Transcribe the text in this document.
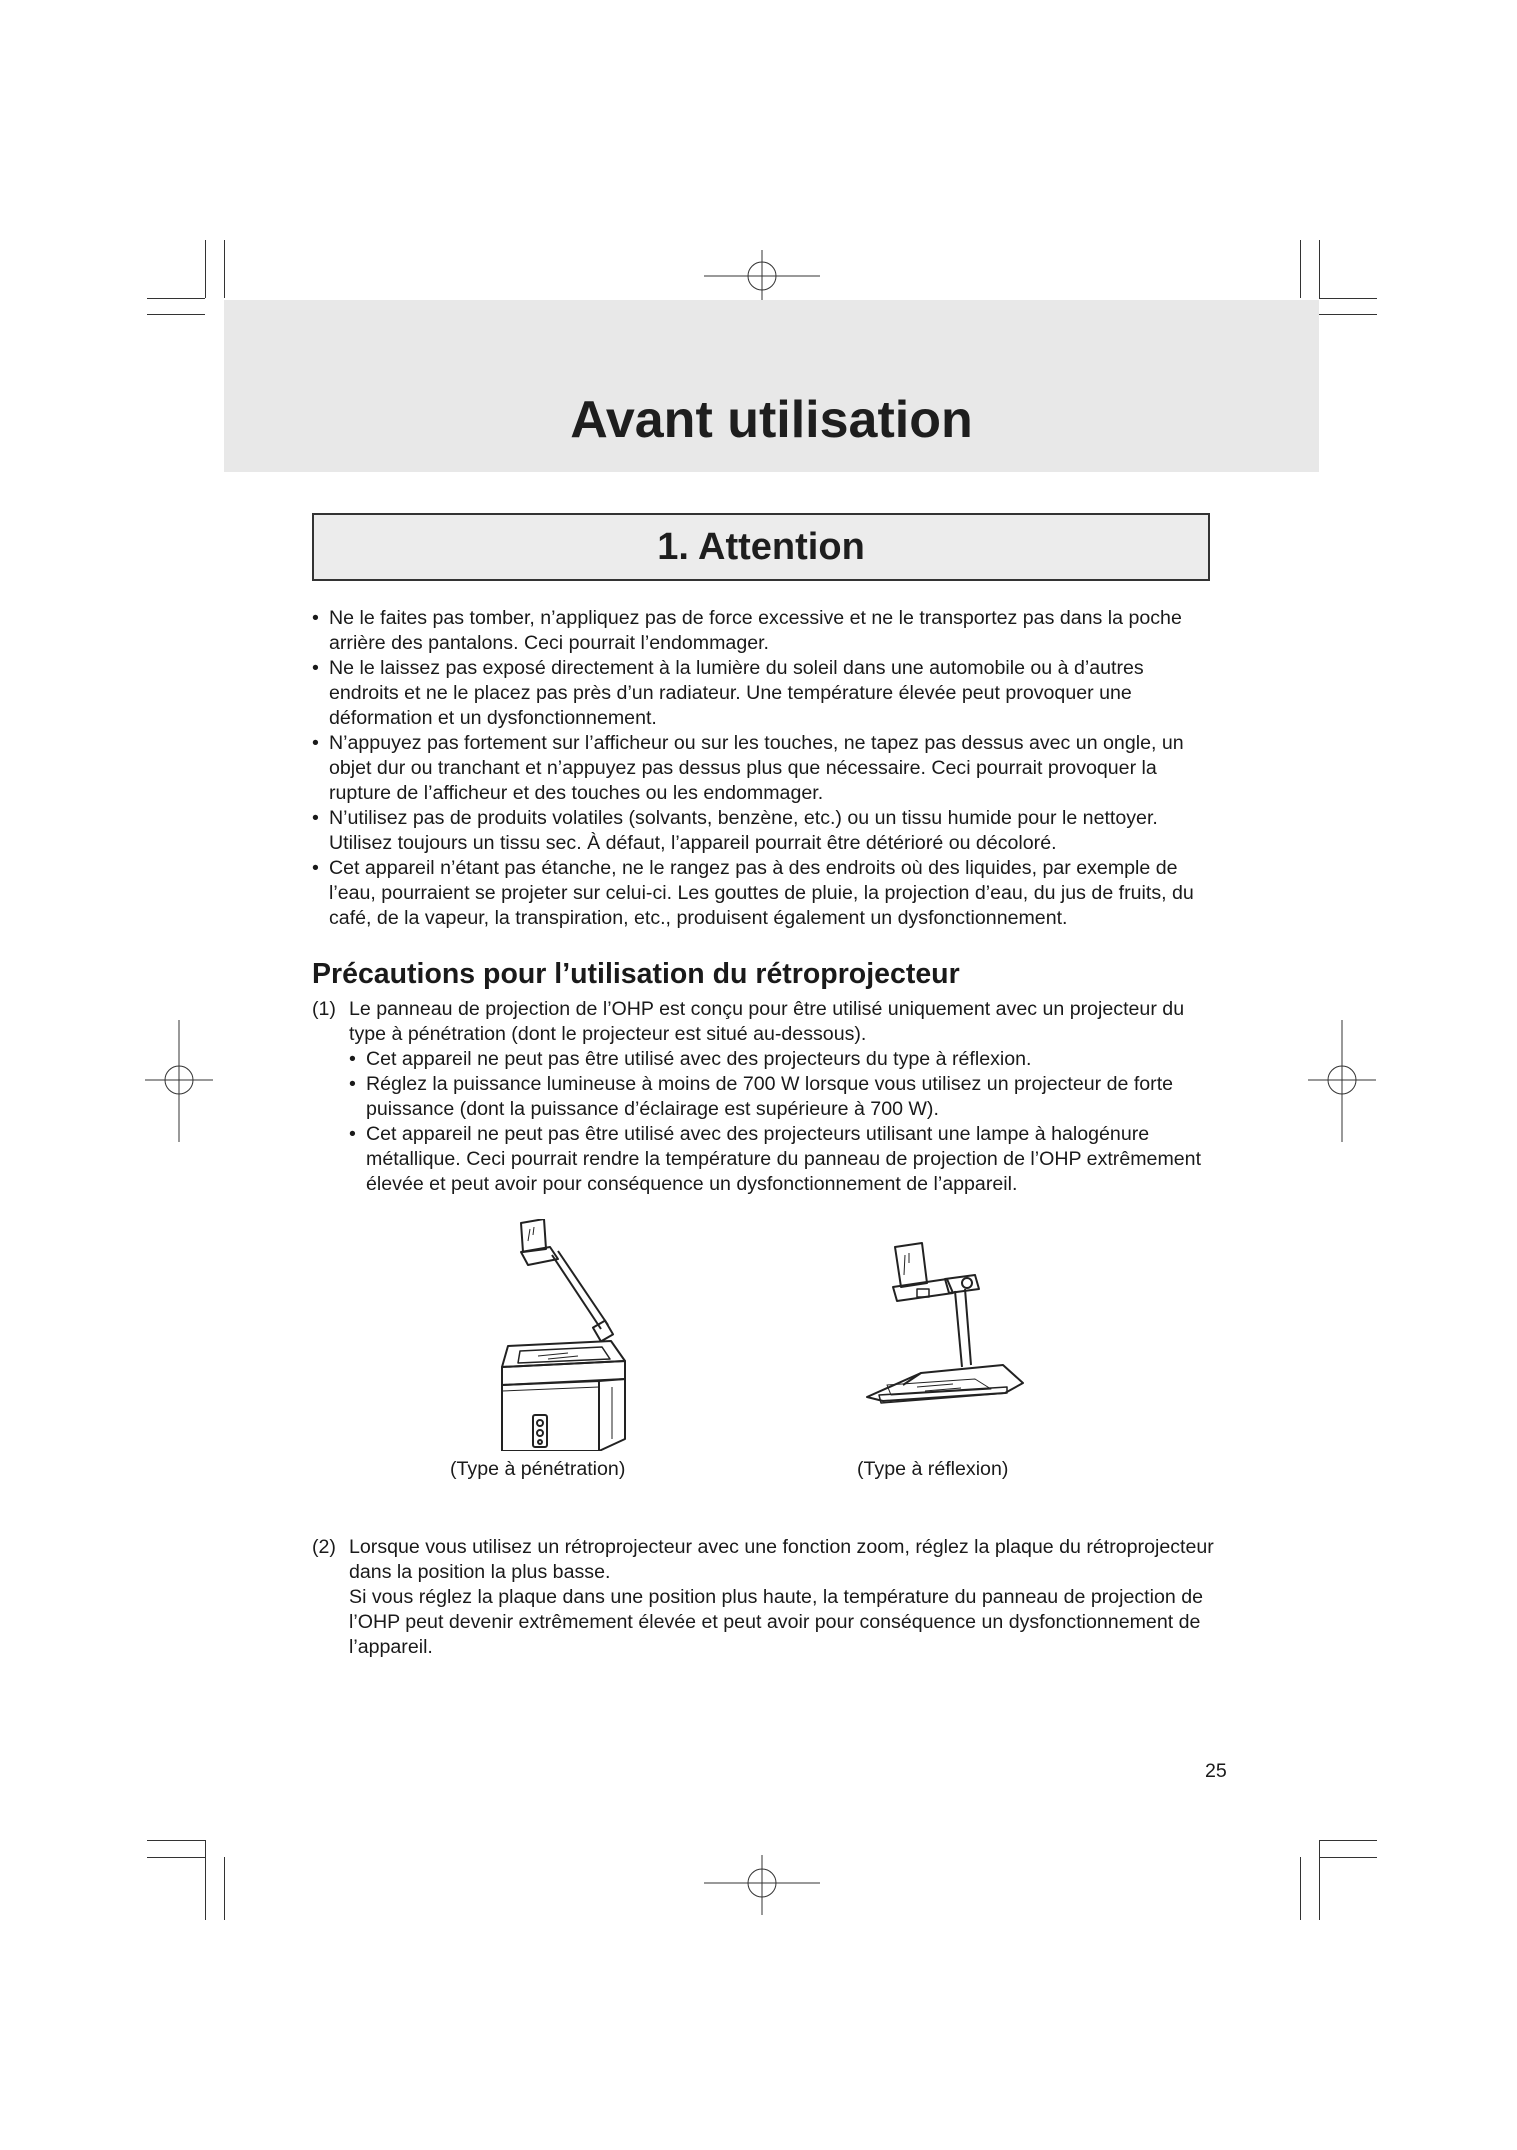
Avant utilisation
1. Attention
• Ne le faites pas tomber, n’appliquez pas de force excessive et ne le transportez pas dans la poche arrière des pantalons. Ceci pourrait l’endommager.
• Ne le laissez pas exposé directement à la lumière du soleil dans une automobile ou à d’autres endroits et ne le placez pas près d’un radiateur. Une température élevée peut provoquer une déformation et un dysfonctionnement.
• N’appuyez pas fortement sur l’afficheur ou sur les touches, ne tapez pas dessus avec un ongle, un objet dur ou tranchant et n’appuyez pas dessus plus que nécessaire. Ceci pourrait provoquer la rupture de l’afficheur et des touches ou les endommager.
• N’utilisez pas de produits volatiles (solvants, benzène, etc.) ou un tissu humide pour le nettoyer. Utilisez toujours un tissu sec. À défaut, l’appareil pourrait être détérioré ou décoloré.
• Cet appareil n’étant pas étanche, ne le rangez pas à des endroits où des liquides, par exemple de l’eau, pourraient se projeter sur celui-ci. Les gouttes de pluie, la projection d’eau, du jus de fruits, du café, de la vapeur, la transpiration, etc., produisent également un dysfonctionnement.
Précautions pour l’utilisation du rétroprojecteur
(1) Le panneau de projection de l’OHP est conçu pour être utilisé uniquement avec un projecteur du type à pénétration (dont le projecteur est situé au-dessous).
• Cet appareil ne peut pas être utilisé avec des projecteurs du type à réflexion.
• Réglez la puissance lumineuse à moins de 700 W lorsque vous utilisez un projecteur de forte puissance (dont la puissance d’éclairage est supérieure à 700 W).
• Cet appareil ne peut pas être utilisé avec des projecteurs utilisant une lampe à halogénure métallique. Ceci pourrait rendre la température du panneau de projection de l’OHP extrêmement élevée et peut avoir pour conséquence un dysfonctionnement de l’appareil.
(Type à pénétration)	(Type à réflexion)
(2) Lorsque vous utilisez un rétroprojecteur avec une fonction zoom, réglez la plaque du rétroprojecteur dans la position la plus basse.
Si vous réglez la plaque dans une position plus haute, la température du panneau de projection de l’OHP peut devenir extrêmement élevée et peut avoir pour conséquence un dysfonctionnement de l’appareil.
25
